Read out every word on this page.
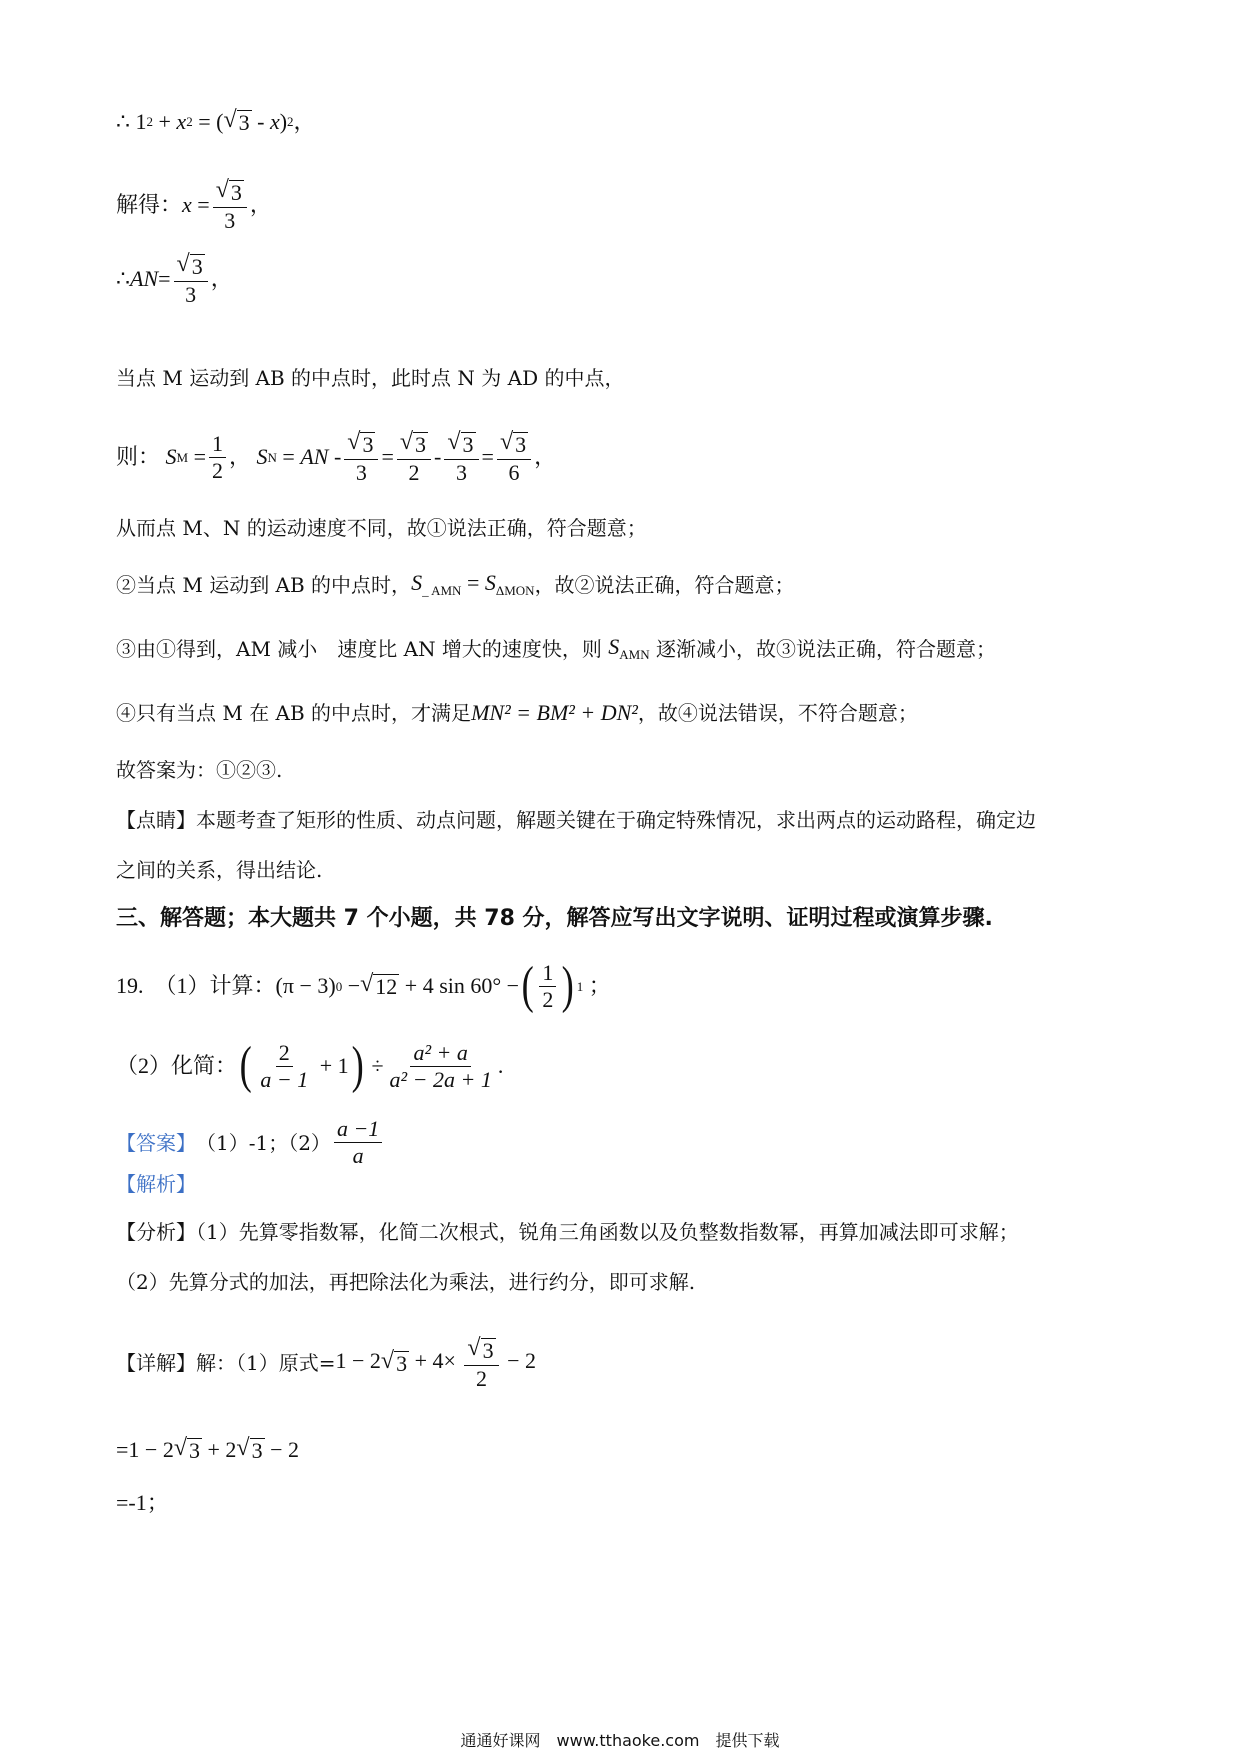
∴
1 2
+
x 2
=
( √ 3
-
x ) 2 ，
解得： x
= $\frac{√ 3}{3}$ ，
∴ AN = $\frac{√ 3}{3}$ ，
当点 M 运动到 AB 的中点时，此时点 N 为 AD 的中点，
则：
S M
= $\frac{1}{2}$ ，
S N
=
AN
- $\frac{√ 3}{3} = \frac{√ 3}{2} - \frac{√ 3}{3} = \frac{√ 3}{6}$ ，
从而点 M、N 的运动速度不同，故①说法正确，符合题意；
②当点 M 运动到 AB 的中点时， $S_{\_ AMN} = S_{\Delta MON}$ ，故②说法正确，符合题意；
③由①得到，AM 减小　速度比 AN 增大的速度快，则
$S_{AMN}$
逐渐减小，故③说法正确，符合题意；
④只有当点 M 在 AB 的中点时，才满足 MN² = BM² + DN² ，故④说法错误，不符合题意；
故答案为：①②③.
【点睛】本题考查了矩形的性质、动点问题，解题关键在于确定特殊情况，求出两点的运动路程，确定边
之间的关系，得出结论.
三、解答题；本大题共 7 个小题，共 78 分，解答应写出文字说明、证明过程或演算步骤.
19.
（1）计算： (π − 3) 0
− √ 12
+ 4 sin 60°
− ( $\frac{1}{2}$ ) 1
；
（2）化简： ( $\frac{2}{a - 1}$
+ 1 )
÷ $\frac{\text{a² + a}}{\text{a² − 2a + 1}}$ .
【答案】 （1）-1；$(2) \frac{a -1}{a}$
【解析】
【分析】（1）先算零指数幂，化简二次根式，锐角三角函数以及负整数指数幂，再算加减法即可求解；
（2）先算分式的加法，再把除法化为乘法，进行约分，即可求解.
【详解】解：（1）原式= 1 − 2 √ $3 + 4\times \frac{√ 3}{2} - 2$
=1 − 2 √ 3
+ 2 √ 3
− 2
=-1；
通通好课网　www.tthaoke.com　提供下载
